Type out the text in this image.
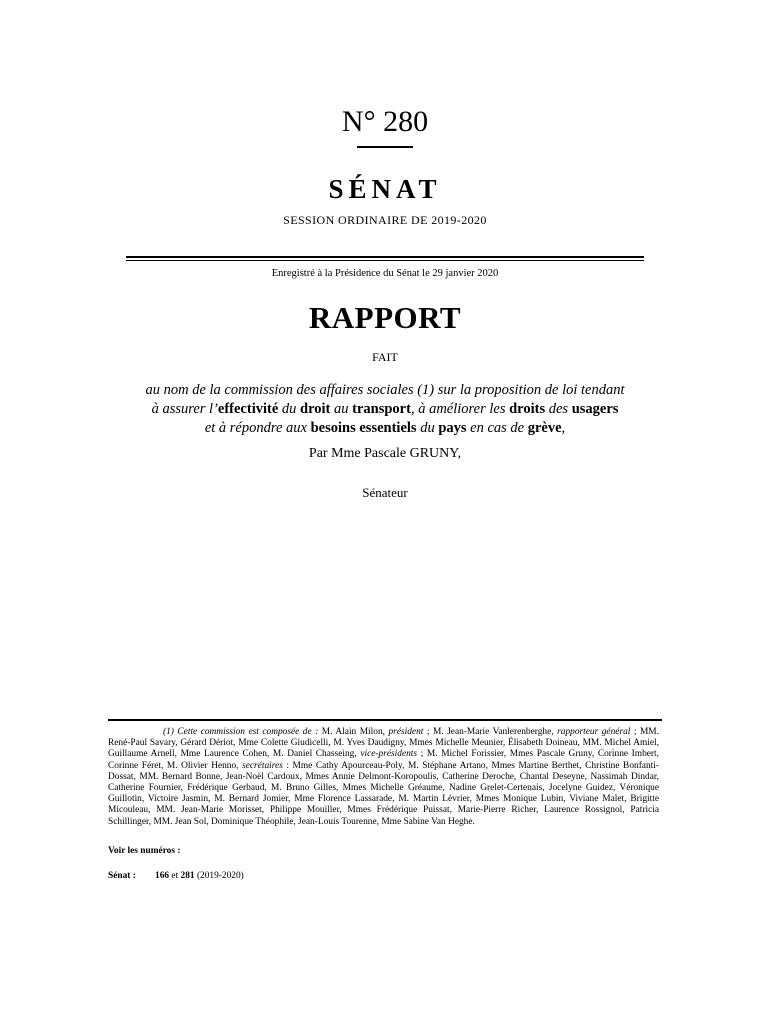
N° 280
SÉNAT
SESSION ORDINAIRE DE 2019-2020
Enregistré à la Présidence du Sénat le 29 janvier 2020
RAPPORT
FAIT
au nom de la commission des affaires sociales (1) sur la proposition de loi tendant
à assurer l’effectivité du droit au transport, à améliorer les droits des usagers
et à répondre aux besoins essentiels du pays en cas de grève,
Par Mme Pascale GRUNY,
Sénateur
(1) Cette commission est composée de : M. Alain Milon, président ; M. Jean-Marie Vanlerenberghe, rapporteur général ; MM. René-Paul Savary, Gérard Dériot, Mme Colette Giudicelli, M. Yves Daudigny, Mmes Michelle Meunier, Élisabeth Doineau, MM. Michel Amiel, Guillaume Arnell, Mme Laurence Cohen, M. Daniel Chasseing, vice-présidents ; M. Michel Forissier, Mmes Pascale Gruny, Corinne Imbert, Corinne Féret, M. Olivier Henno, secrétaires : Mme Cathy Apourceau-Poly, M. Stéphane Artano, Mmes Martine Berthet, Christine Bonfanti-Dossat, MM. Bernard Bonne, Jean-Noël Cardoux, Mmes Annie Delmont-Koropoulis, Catherine Deroche, Chantal Deseyne, Nassimah Dindar, Catherine Fournier, Frédérique Gerbaud, M. Bruno Gilles, Mmes Michelle Gréaume, Nadine Grelet-Certenais, Jocelyne Guidez, Véronique Guillotin, Victoire Jasmin, M. Bernard Jomier, Mme Florence Lassarade, M. Martin Lévrier, Mmes Monique Lubin, Viviane Malet, Brigitte Micouleau, MM. Jean-Marie Morisset, Philippe Mouiller, Mmes Frédérique Puissat, Marie-Pierre Richer, Laurence Rossignol, Patricia Schillinger, MM. Jean Sol, Dominique Théophile, Jean-Louis Tourenne, Mme Sabine Van Heghe.
Voir les numéros :
Sénat : 166 et 281 (2019-2020)
